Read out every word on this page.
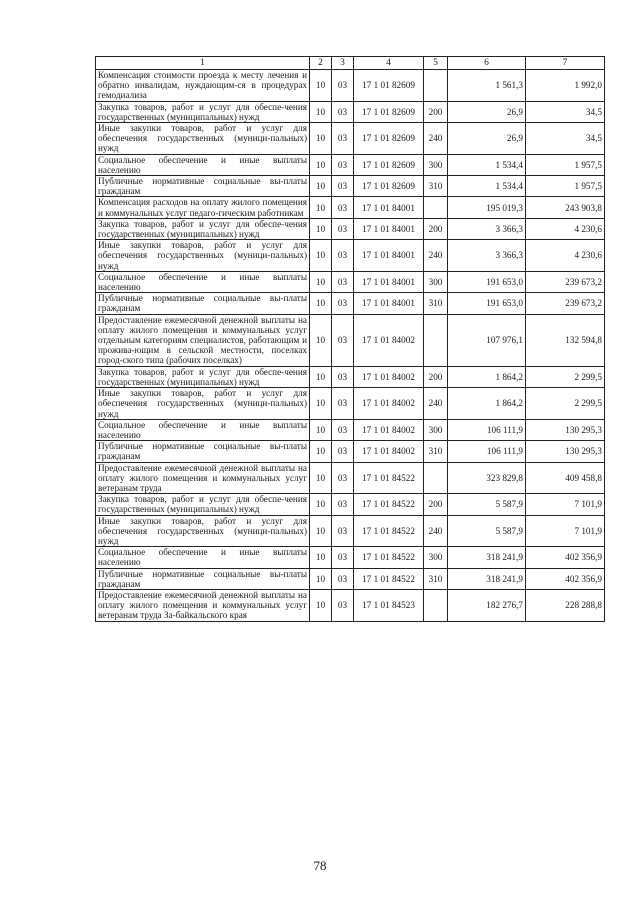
1	2	3	4	5	6	7
Компенсация стоимости проезда к месту лечения и обратно инвалидам, нуждающим-ся в процедурах гемодиализа	10	03	17 1 01 82609		1 561,3	1 992,0
Закупка товаров, работ и услуг для обеспе-чения государственных (муниципальных) нужд	10	03	17 1 01 82609	200	26,9	34,5
Иные закупки товаров, работ и услуг для обеспечения государственных (муници-пальных) нужд	10	03	17 1 01 82609	240	26,9	34,5
Социальное обеспечение и иные выплаты населению	10	03	17 1 01 82609	300	1 534,4	1 957,5
Публичные нормативные социальные вы-платы гражданам	10	03	17 1 01 82609	310	1 534,4	1 957,5
Компенсация расходов на оплату жилого помещения и коммунальных услуг педаго-гическим работникам	10	03	17 1 01 84001		195 019,3	243 903,8
Закупка товаров, работ и услуг для обеспе-чения государственных (муниципальных) нужд	10	03	17 1 01 84001	200	3 366,3	4 230,6
Иные закупки товаров, работ и услуг для обеспечения государственных (муници-пальных) нужд	10	03	17 1 01 84001	240	3 366,3	4 230,6
Социальное обеспечение и иные выплаты населению	10	03	17 1 01 84001	300	191 653,0	239 673,2
Публичные нормативные социальные вы-платы гражданам	10	03	17 1 01 84001	310	191 653,0	239 673,2
Предоставление ежемесячной денежной выплаты на оплату жилого помещения и коммунальных услуг отдельным категориям специалистов, работающим и прожива-ющим в сельской местности, поселках город-ского типа (рабочих поселках)	10	03	17 1 01 84002		107 976,1	132 594,8
Закупка товаров, работ и услуг для обеспе-чения государственных (муниципальных) нужд	10	03	17 1 01 84002	200	1 864,2	2 299,5
Иные закупки товаров, работ и услуг для обеспечения государственных (муници-пальных) нужд	10	03	17 1 01 84002	240	1 864,2	2 299,5
Социальное обеспечение и иные выплаты населению	10	03	17 1 01 84002	300	106 111,9	130 295,3
Публичные нормативные социальные вы-платы гражданам	10	03	17 1 01 84002	310	106 111,9	130 295,3
Предоставление ежемесячной денежной выплаты на оплату жилого помещения и коммунальных услуг ветеранам труда	10	03	17 1 01 84522		323 829,8	409 458,8
Закупка товаров, работ и услуг для обеспе-чения государственных (муниципальных) нужд	10	03	17 1 01 84522	200	5 587,9	7 101,9
Иные закупки товаров, работ и услуг для обеспечения государственных (муници-пальных) нужд	10	03	17 1 01 84522	240	5 587,9	7 101,9
Социальное обеспечение и иные выплаты населению	10	03	17 1 01 84522	300	318 241,9	402 356,9
Публичные нормативные социальные вы-платы гражданам	10	03	17 1 01 84522	310	318 241,9	402 356,9
Предоставление ежемесячной денежной выплаты на оплату жилого помещения и коммунальных услуг ветеранам труда За-байкальского края	10	03	17 1 01 84523		182 276,7	228 288,8
78
